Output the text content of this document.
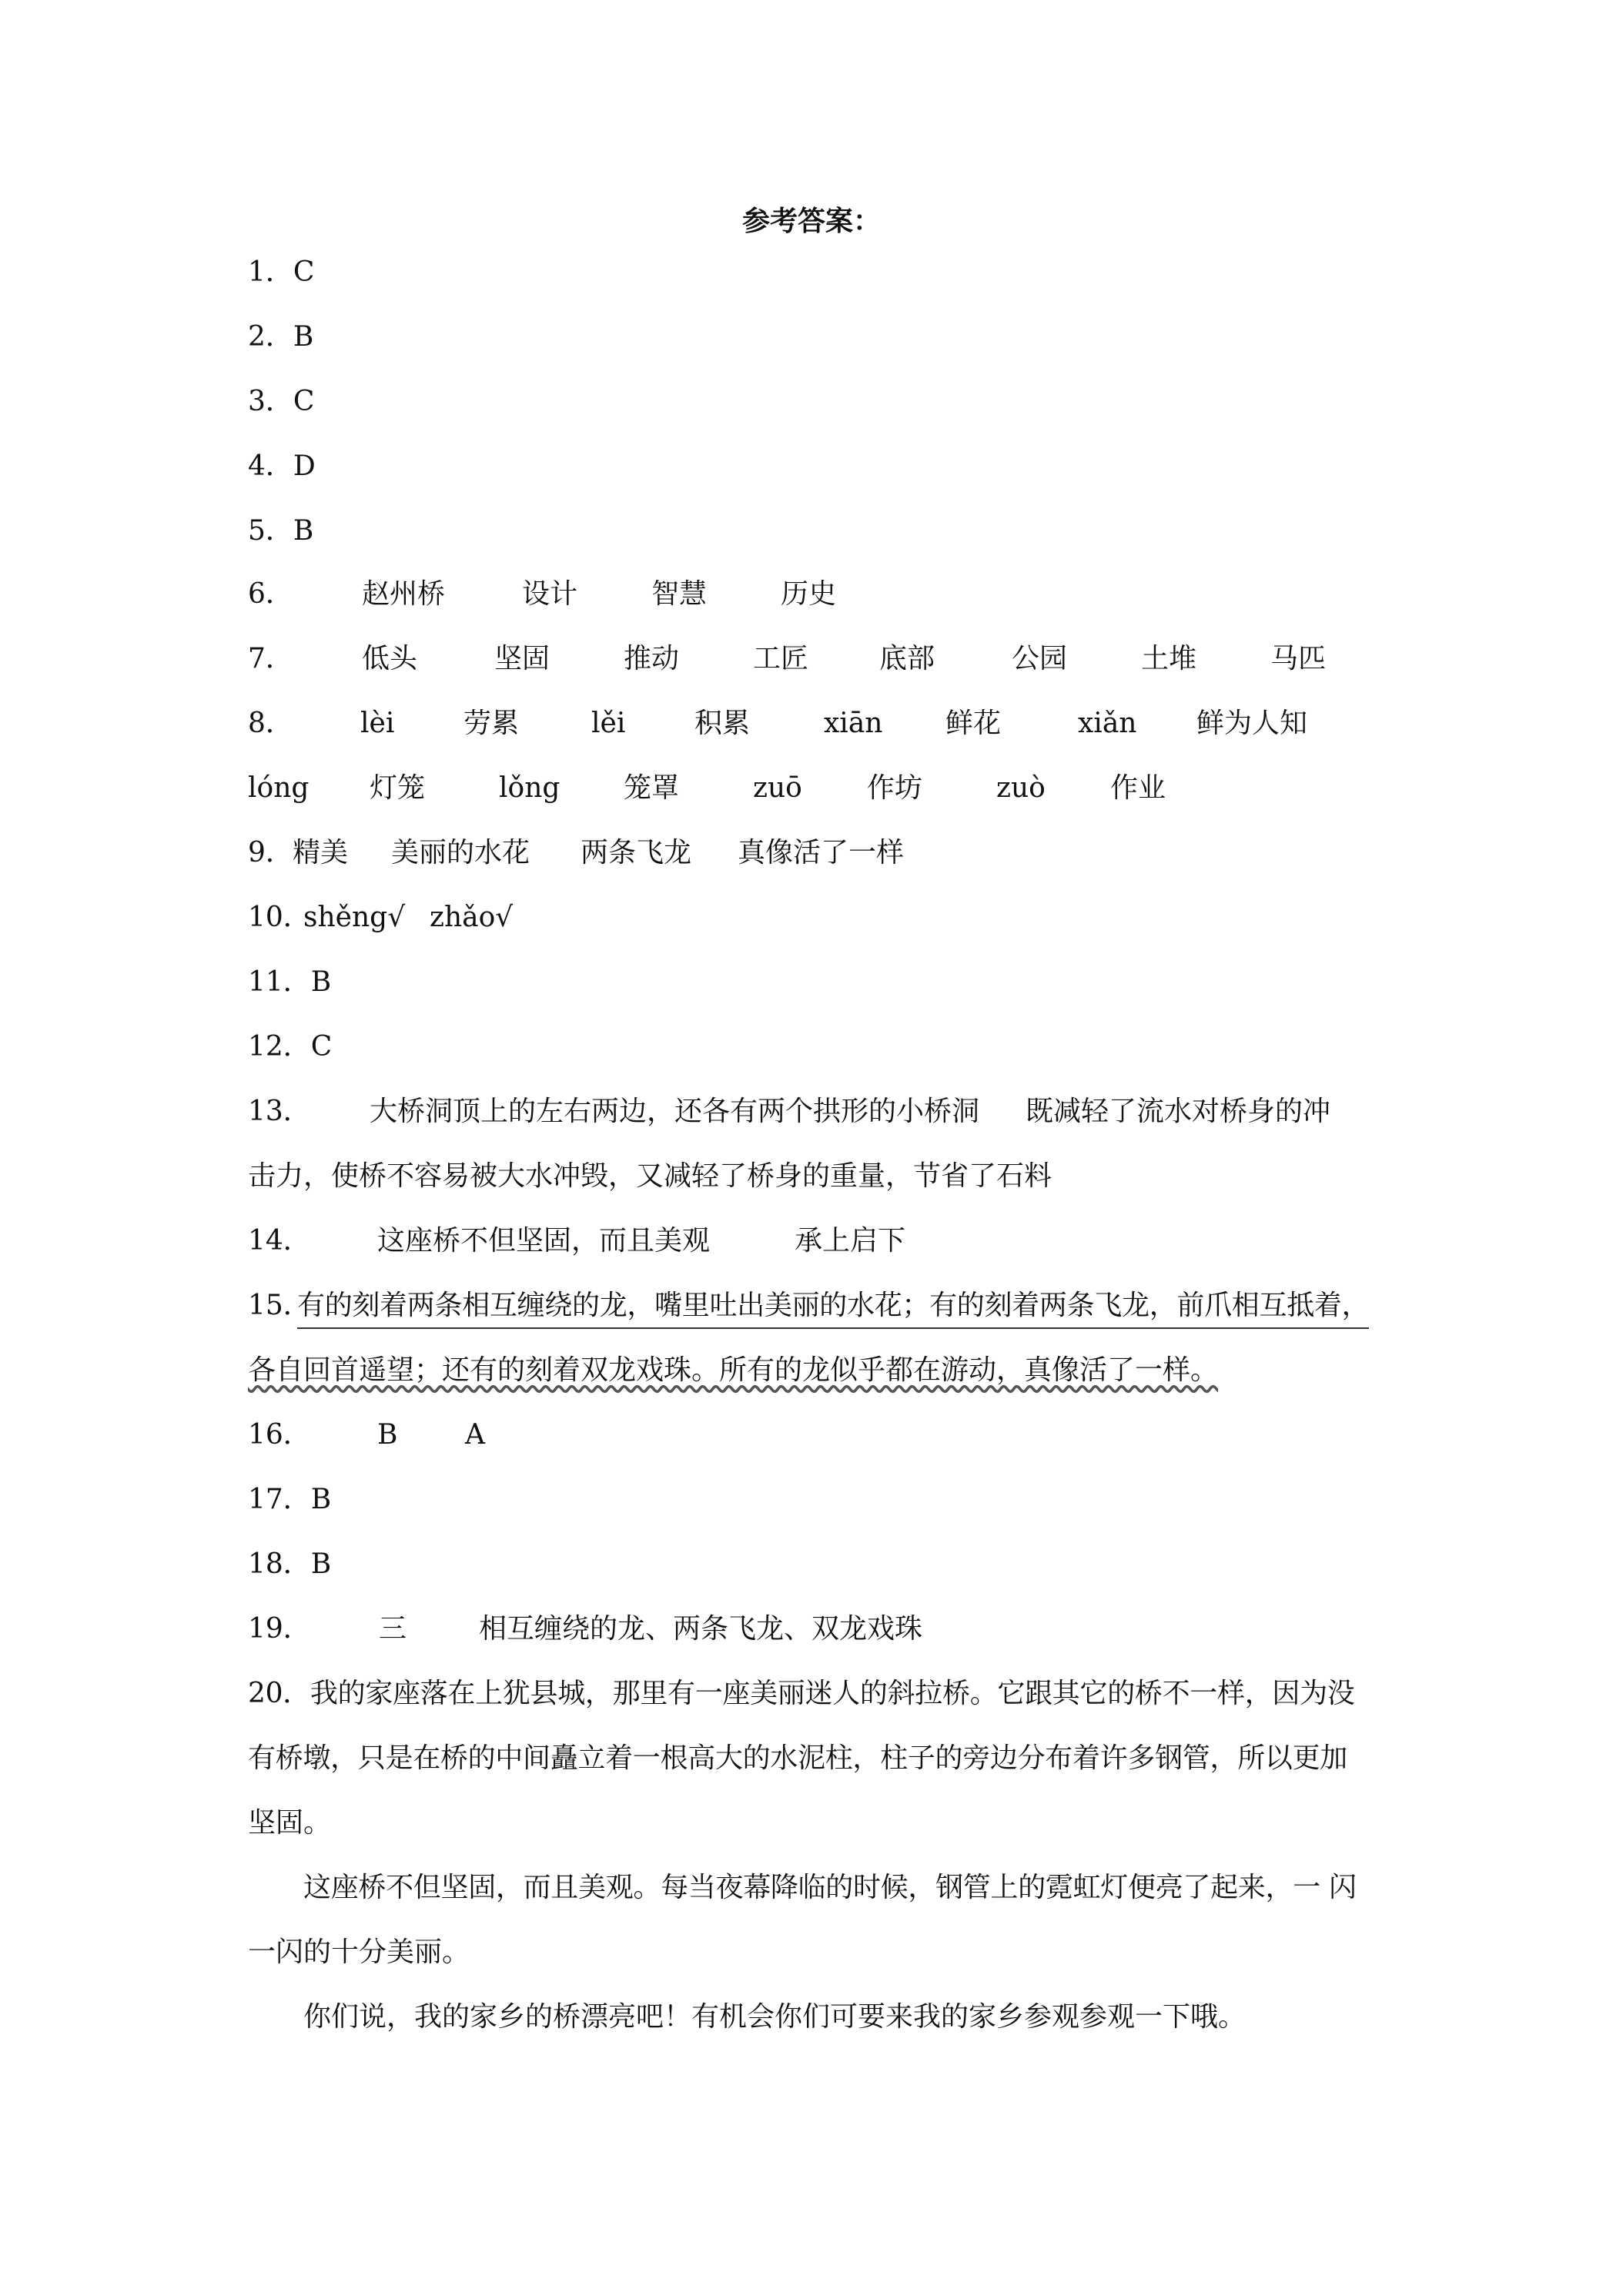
参考答案：
1．C
2．B
3．C
4．D
5．B
6． 赵州桥	设计	智慧	历史
7． 低头	坚固	推动	工匠	底部	公园	土堆	马匹
8． lèi 劳累	lěi 积累	xiān 鲜花	xiǎn 鲜为人知
lóng 灯笼	lǒng 笼罩	zuō 作坊	zuò 作业
9． 精美 美丽的水花 两条飞龙 真像活了一样
10．
shěng√ zhǎo√
11．B
12．C
13． 大桥洞顶上的左右两边，还各有两个拱形的小桥洞 既减轻了流水对桥身的冲
击力，使桥不容易被大水冲毁，又减轻了桥身的重量，节省了石料
14． 这座桥不但坚固，而且美观	承上启下
15．
有的刻着两条相互缠绕的龙，嘴里吐出美丽的水花；有的刻着两条飞龙，前爪相互抵着，
各自回首遥望；还有的刻着双龙戏珠。所有的龙似乎都在游动，真像活了一样。
16． B A
17．B
18．B
19． 三	相互缠绕的龙、两条飞龙、双龙戏珠
20．我的家座落在上犹县城，那里有一座美丽迷人的斜拉桥。它跟其它的桥不一样，因为没
有桥墩，只是在桥的中间矗立着一根高大的水泥柱，柱子的旁边分布着许多钢管，所以更加
坚固。
这座桥不但坚固，而且美观。每当夜幕降临的时候，钢管上的霓虹灯便亮了起来，一 闪
一闪的十分美丽。
你们说，我的家乡的桥漂亮吧！有机会你们可要来我的家乡参观参观一下哦。
